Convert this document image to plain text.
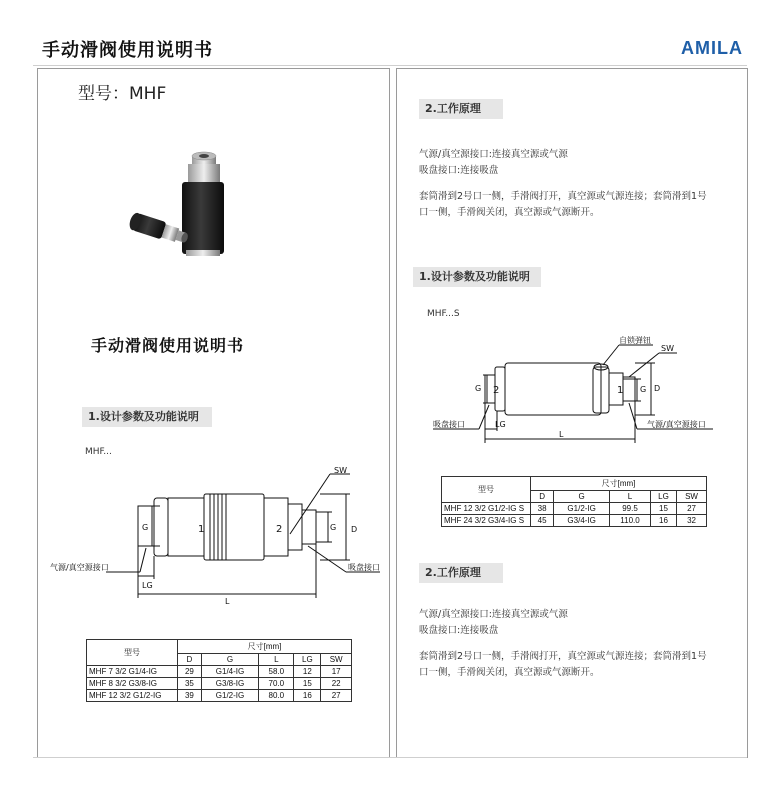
手动滑阀使用说明书	AMILA
型号：MHF
手动滑阀使用说明书
1.设计参数及功能说明
MHF...
1	2
SW
D
G
G
LG
L
气源/真空源接口	吸盘接口
型号	尺寸[mm]				
	D	G	L	LG	SW
MHF 7 3/2 G1/4-IG	29	G1/4-IG	58.0	12	17
MHF 8 3/2 G3/8-IG	35	G3/8-IG	70.0	15	22
MHF 12 3/2 G1/2-IG	39	G1/2-IG	80.0	16	27
2.工作原理
气源/真空源接口:连接真空源或气源
吸盘接口:连接吸盘
套筒滑到2号口一侧，手滑阀打开，真空源或气源连接；套筒滑到1号
口一侧，手滑阀关闭，真空源或气源断开。
1.设计参数及功能说明
MHF...S
2	1
自锁弹钮
SW
D
G
G
LG
L
吸盘接口	气源/真空源接口
型号	尺寸[mm]				
	D	G	L	LG	SW
MHF 12 3/2 G1/2-IG S	38	G1/2-IG	99.5	15	27
MHF 24 3/2 G3/4-IG S	45	G3/4-IG	110.0	16	32
2.工作原理
气源/真空源接口:连接真空源或气源
吸盘接口:连接吸盘
套筒滑到2号口一侧，手滑阀打开，真空源或气源连接；套筒滑到1号
口一侧，手滑阀关闭，真空源或气源断开。
